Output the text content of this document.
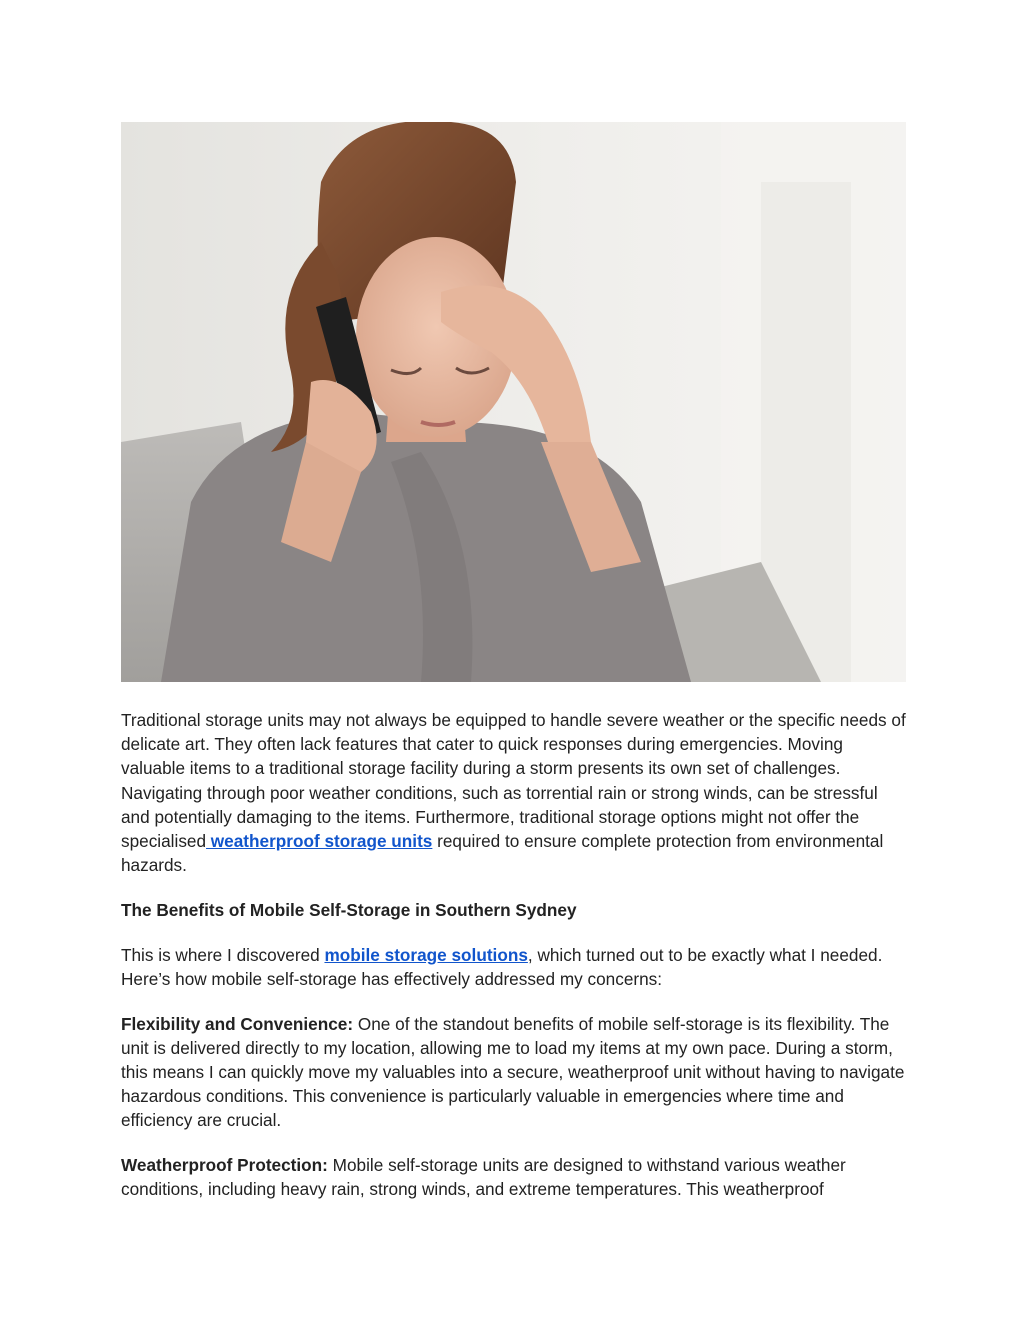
Traditional storage units may not always be equipped to handle severe weather or the specific needs of delicate art. They often lack features that cater to quick responses during emergencies. Moving valuable items to a traditional storage facility during a storm presents its own set of challenges. Navigating through poor weather conditions, such as torrential rain or strong winds, can be stressful and potentially damaging to the items. Furthermore, traditional storage options might not offer the specialised weatherproof storage units required to ensure complete protection from environmental hazards.

The Benefits of Mobile Self-Storage in Southern Sydney

This is where I discovered mobile storage solutions, which turned out to be exactly what I needed. Here’s how mobile self-storage has effectively addressed my concerns:

Flexibility and Convenience: One of the standout benefits of mobile self-storage is its flexibility. The unit is delivered directly to my location, allowing me to load my items at my own pace. During a storm, this means I can quickly move my valuables into a secure, weatherproof unit without having to navigate hazardous conditions. This convenience is particularly valuable in emergencies where time and efficiency are crucial.

Weatherproof Protection: Mobile self-storage units are designed to withstand various weather conditions, including heavy rain, strong winds, and extreme temperatures. This weatherproof
